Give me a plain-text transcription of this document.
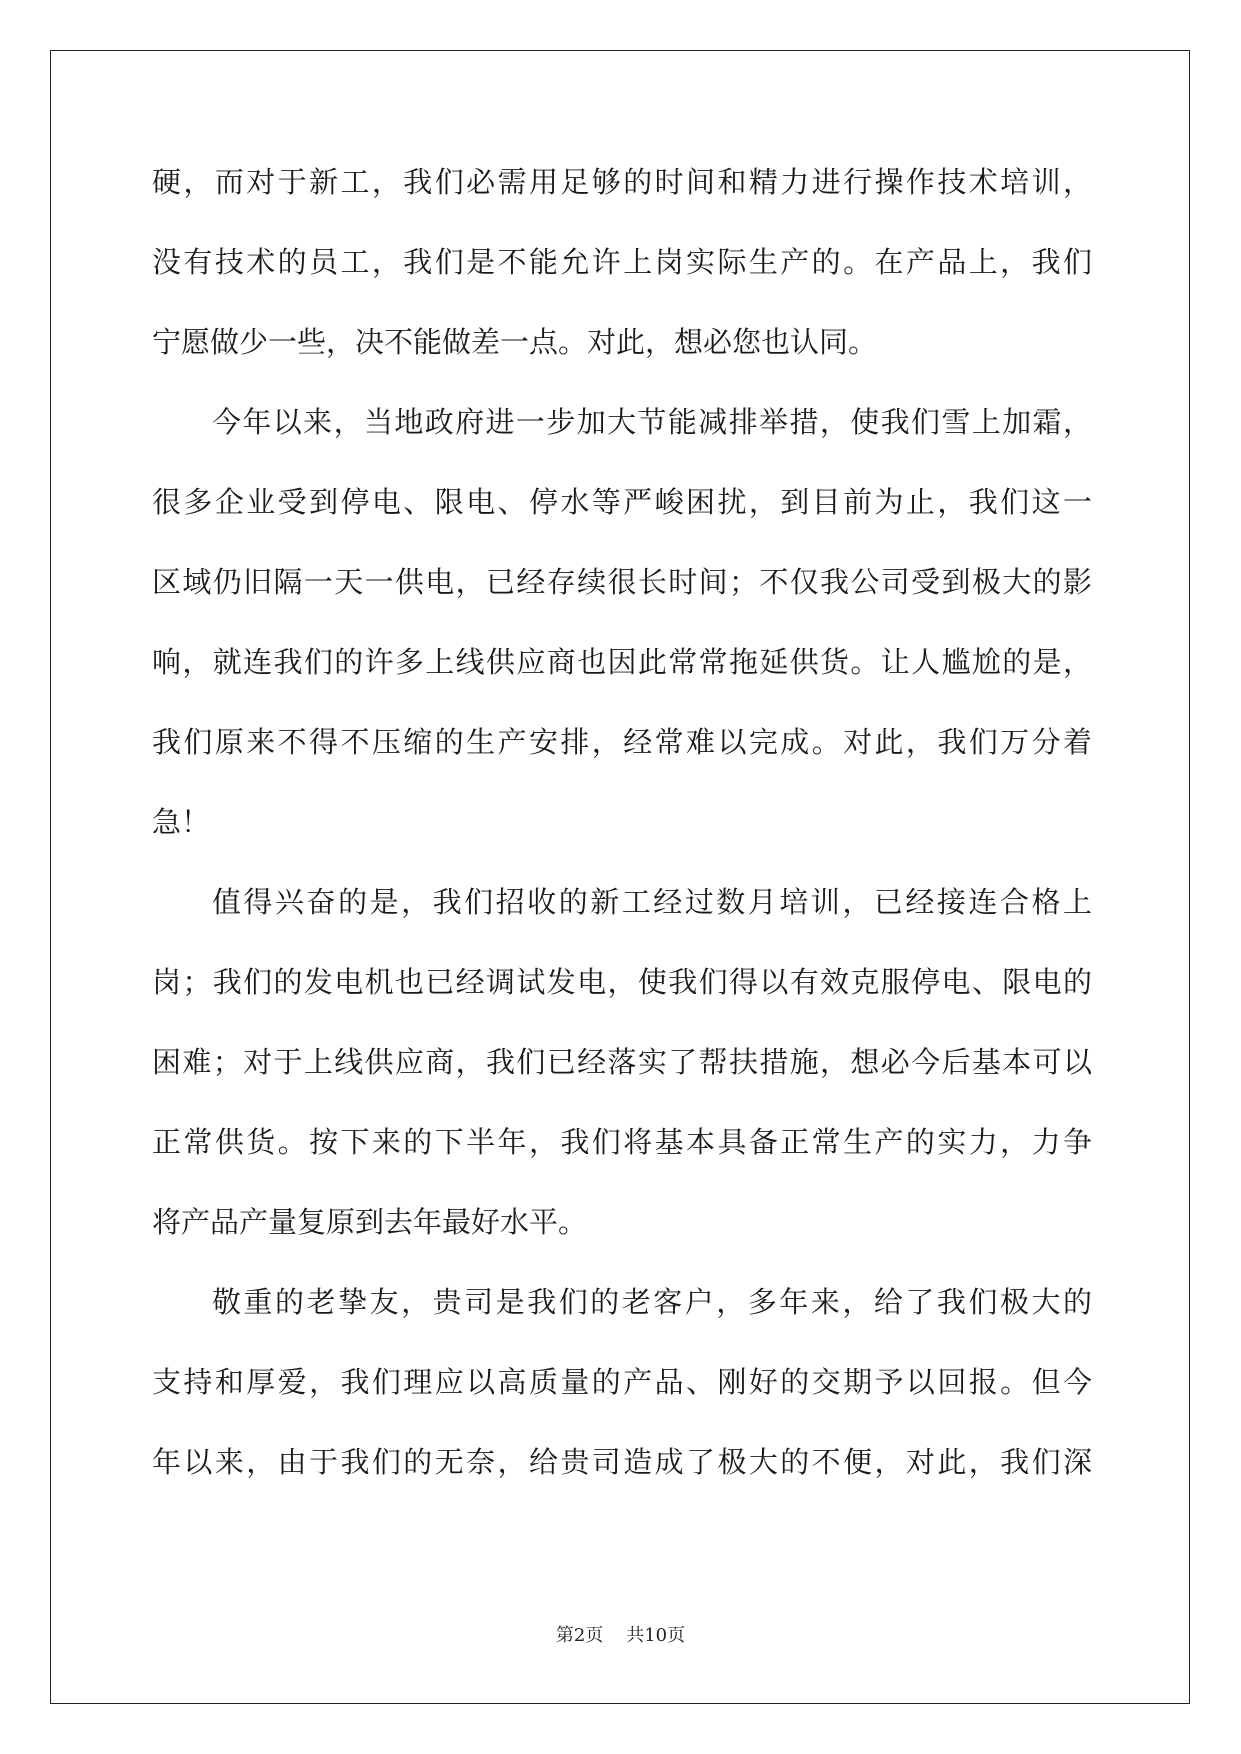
硬，而对于新工，我们必需用足够的时间和精力进行操作技术培训，
没有技术的员工，我们是不能允许上岗实际生产的。在产品上，我们
宁愿做少一些，决不能做差一点。对此，想必您也认同。
今年以来，当地政府进一步加大节能减排举措，使我们雪上加霜，
很多企业受到停电、限电、停水等严峻困扰，到目前为止，我们这一
区域仍旧隔一天一供电，已经存续很长时间；不仅我公司受到极大的影
响，就连我们的许多上线供应商也因此常常拖延供货。让人尴尬的是，
我们原来不得不压缩的生产安排，经常难以完成。对此，我们万分着
急！
值得兴奋的是，我们招收的新工经过数月培训，已经接连合格上
岗；我们的发电机也已经调试发电，使我们得以有效克服停电、限电的
困难；对于上线供应商，我们已经落实了帮扶措施，想必今后基本可以
正常供货。按下来的下半年，我们将基本具备正常生产的实力，力争
将产品产量复原到去年最好水平。
敬重的老挚友，贵司是我们的老客户，多年来，给了我们极大的
支持和厚爱，我们理应以高质量的产品、刚好的交期予以回报。但今
年以来，由于我们的无奈，给贵司造成了极大的不便，对此，我们深
第2页 共10页
